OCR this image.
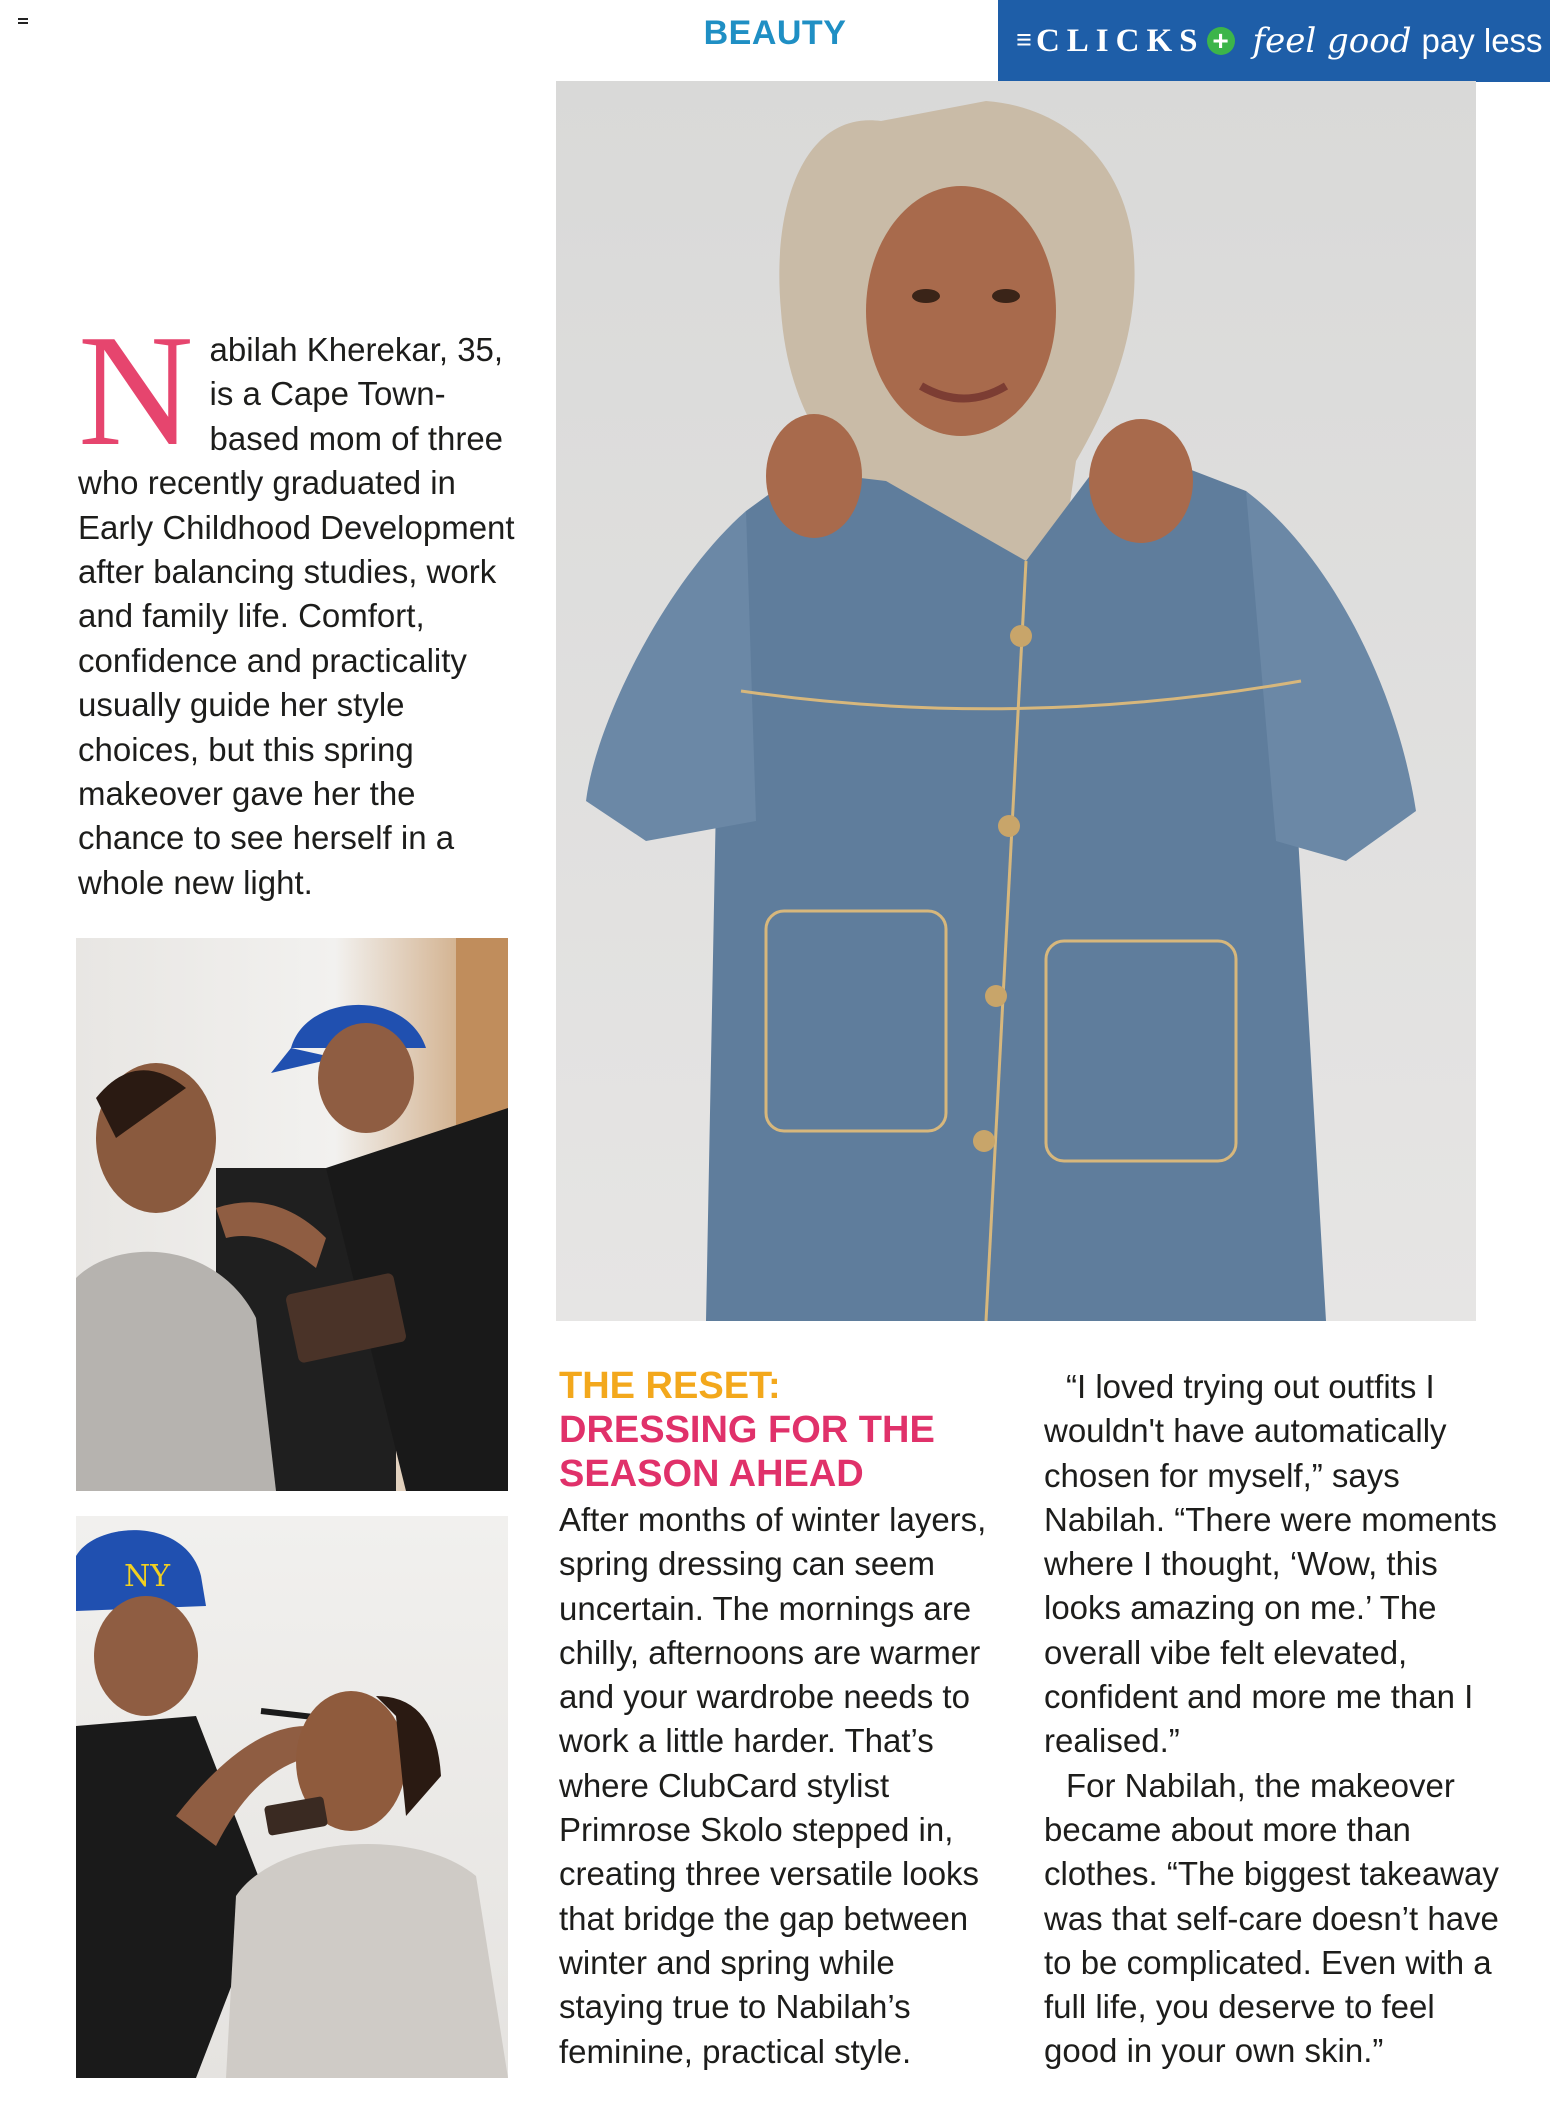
BEAUTY	≡ CLICKS + feel good pay less
Nabilah Kherekar, 35, is a Cape Town-based mom of three who recently graduated in Early Childhood Development after balancing studies, work and family life. Comfort, confidence and practicality usually guide her style choices, but this spring makeover gave her the chance to see herself in a whole new light.
NY
THE RESET:
DRESSING FOR THE SEASON AHEAD
After months of winter layers, spring dressing can seem uncertain. The mornings are chilly, afternoons are warmer and your wardrobe needs to work a little harder. That’s where ClubCard stylist Primrose Skolo stepped in, creating three versatile looks that bridge the gap between winter and spring while staying true to Nabilah’s feminine, practical style.

“I loved trying out outfits I wouldn't have automatically chosen for myself,” says Nabilah. “There were moments where I thought, ‘Wow, this looks amazing on me.’ The overall vibe felt elevated, confident and more me than I realised.”

For Nabilah, the makeover became about more than clothes. “The biggest takeaway was that self-care doesn’t have to be complicated. Even with a full life, you deserve to feel good in your own skin.”
